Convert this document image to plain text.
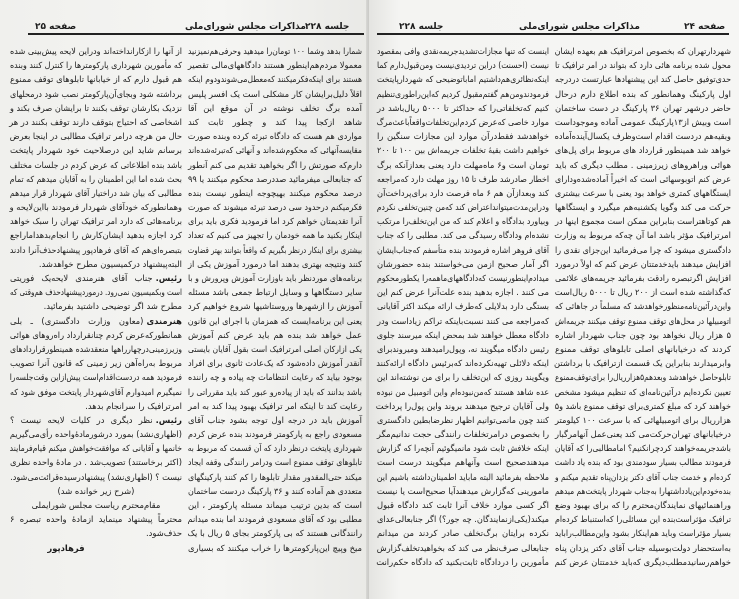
صفحه ۲۵	مذاکرات مجلس شورای‌ملی جلسه ۲۲۸
شمارا بدهد وشما ۱۰۰ تومان‌را میدهید وحرفی‌هم‌نمیزنید
معمولا مردم‌هم‌اینطور هستند دادگاههای‌مالی تقصیر
هستند برای اینکه‌فکرمیکنند که‌معطل‌می‌شوندودوم اینکه
اقلاً دلیل‌برایشان کار مشکلی است یک افسر پلیس
آمده برگ تخلف نوشته در آن موقع این آقا
شاهد ازکجا پیدا کند و چطور ثابت کند
مواردی هم هست که دادگاه تبرئه کرده وبنده صورت
مقایسه‌آنهائی که محکوم‌شده‌اند و آنهائی که‌تبرئه‌شده‌اند
دارم‌که صورتش را اگر بخواهید تقدیم می کنم آنطور
که جنابعالی میفرمائید صددرصد محکوم میکنند یا ۹۹
درصد محکوم میکنند بهیچوجه اینطور نیست بنده
فکرمیکنم درحدود سی درصد تبرئه میشوند که صورت
آنرا تقدیمتان خواهم کرد اما فرمودید فکری باید برای
اینکار بکنید ما همه خودمان را تجهیز می کنیم که تعداد
بیشتری برای اینکار درنظر بگیریم که واقعاً بتوانند بهتر قضاوت
کنند ونتیجه بهتری بدهند اما درمورد آموزش یکی از
برنامه‌های موردنظر باید باوزارت آموزش وپرورش و با
سایر دستگاهها و وسایل ارتباط جمعی باشد مسئله
آموزش را ازشهرها وروستاشیها شروع خواهیم کرد
یعنی این برنامه‌ایست که همزمان با اجرای این قانون
عمل خواهد شد بنده هم باید عرض کنم آموزش
یکی ازارکان اصلی امرترافیک است بقول آقایان بایستی
آنقدر آموزش داده‌شود که یک‌عادت ثانوی برای افراد
بوجود بیاید که رعایت انتظامات چه پیاده و چه راننده
باشد بدانند که باید از پیاده‌رو عبور کند باید مقرراتی را
رعایت کند تا اینکه امر ترافیک بهبود پیدا کند به امر
آموزش باید در درجه اول توجه بشود جناب آقای
مسعودی راجع به پارکومتر فرمودند بنده عرض کردم
شهرداری پایتخت درنظر دارد که آن قسمت که مربوط به
تابلوهای توقف ممنوع است ودرامر رانندگی وقفه ایجاد
میکند حتی‌المقدور مقدار تابلوها را کم کنند پارکینگهای
متعددی هم آماده کنند و ۳۶ پارکینگ دردست ساختمان
است که بدین ترتیب میماند مسئله پارکومتر ، این
مطلبی بود که آقای مسعودی فرمودند اما بنده میدانم
رانندگانی هستند که بی پارکومتر بجای ۵ ریال با یک
میخ وپیچ این‌پارکومترها را خراب میکنند که بسیاری
از آنها را ازکارانداخته‌اند ودراین لایحه پیش‌بینی شده
که مأمورین شهرداری پارکومترها را کنترل کنند وبنده
هم قبول دارم که از خیابانها تابلوهای توقف ممنوع
برداشته شود وبجای‌آن‌پارکومتر نصب شود درمحلهای
نزدیک بکارشان توقف بکنند تا برایشان صرف بکند و
اشخاصی که احتیاج بتوقف دارند توقف بکنند در هر
حال من هرچه درامر ترافیک مطالبی در اینجا بعرض
برسانم شاید این درصلاحیت خود شهردار پایتخت
باشد بنده اطلاعاتی که عرض کردم در جلسات مختلف
بحث شده اما این اطمینان را به آقایان میدهم که تمام
مطالبی که بیان شد دراختیار آقای شهردار قرار میدهم
وهمانطورکه خودآقای شهردار فرمودند بااین‌لایحه و
برنامه‌هائی که دارد امر ترافیک تهران را سبک خواهد
کرد اجازه بدهید ایشان‌کارش را انجام‌بدهد‌اما‌راجع
بتبصره‌ای‌هم که آقای فرهادپور پیشنهاد‌حذف‌آنرا دادند
البته‌پیشنهاد درکمیسیون مطرح خواهدشد.
رئیس.جناب آقای هنرمندی لایحه‌یک فوریتی
است وبکمیسیون نمی‌رود. درموردپیشنهادحذف هم‌وقتی که
مطرح شد اگر توضیحی داشتید بفرمائید.
هنرمندی(معاون وزارت دادگستری) ـ بلی
همانطورکه‌عرض کردم چنانقرارداد راه‌روهای هوائی
وزیرزمینی‌درچهارراهها منعقدشده همینطور‌قراردادهای
مربوط به‌راه‌آهن زیر زمینی که قانون آنرا تصویب
فرمودید همه دردست‌اقدام‌است پیش‌از‌این وقت‌جلسه‌را
نمیگیرم امیدوارم آقای‌شهردار پایتخت موفق شود که
امرترافیک را سرانجام بدهد.
رئیس.نظر دیگری در کلیات لایحه نیست ؟
(اظهاری‌نشد) بمورد درشورمادهٔ‌واحده رأی‌می‌گیریم
خانمها و آقایانی که موافقت‌خواهش میکنم قیام‌فرمایند
(اکثر برخاستند) تصویب‌شد . در مادهٔ واحده نظری
نیست ؟ (اظهاری‌نشد) پیشنهادرسیده‌قرائت‌می‌شود.
(شرح زیر خوانده شد)
مقام‌محترم ریاست مجلس شورایملی
محترماً پیشنهاد مینماید ازمادهٔ واحده تبصره ۶
حذف‌شود.
فرهادپور
جلسه ۲۲۸	مذاکرات مجلس شورای‌ملی	صفحه ۲۴
شهردارتهران که بخصوص امرترافیک هم بعهده ایشان
محول شده برنامه هائی دارد که بتواند در امر ترافیک تا
حدی‌توفیق حاصل کند این پیشنهادها عبارتست دردرجه
اول پارکینگ وهمانطور که بنده اطلاع دارم درحال
حاضر درشهر تهران ۳۶ پارکینگ در دست ساختمان
است وبیش از۱۳پارکینگ عمومی آماده وموجوداست
وبقیه‌هم دردست اقدام است‌وظرف یکسال‌آینده‌آماده
خواهد شد همینطور قرارداد های مربوط برای پل‌های
هوائی وراهروهای زیرزمینی . مطلب دیگری که باید
عرض کنم اتوبوسهائی است که اخیراً آماده‌شده‌ودارای
ایستگاههای کمتری خواهد بود یعنی با سرعت بیشتری
حرکت می کند وگویا یکشنبه‌هم میگیرد و ایستگاهها
هم کوتاهتراست بنابراین ممکن است مجموع اینها در
امرترافیک مؤثر باشد اما آن چه‌که مربوط به وزارت
دادگستری میشود که چرا می‌فرمائید این‌جزای نقدی را
افزایش میدهند بایدخدمتتان عرض کنم که اولاً درمورد
افزایش اگرتبصره رادقت بفرمائید جریمه‌های علائمی
که‌گذاشته شده است از ۲۰۰ ریال تا ۵۰۰۰ ریال‌است
واین‌درآئین‌نامه‌منظورخواهدشد که مسلماً در جاهائی که
اتومبیلها در محل‌های توقف ممنوع توقف میکنند جریمه‌اش
۵ هزار ریال نخواهد بود چون جناب شهردار اشاره
کردند که درخیابانهای اصلی تابلوهای توقف ممنوع
وابرمیدارند بنابراین یک قسمت ازترافیک با برداشتن
تابلوحاصل خواهدشد وبعدهم۵هزارریال‌را برای‌توقف‌ممنوع
تعیین نکرده‌ایم درآئین‌نامه‌ای که تنظیم میشود مشخص
خواهند کرد که مبلغ کمتری‌برای توقف ممنوع باشد و۵
هزارریال برای اتومبیلهائی که با سرعت ۱۰۰ کیلومتر
درخیابانهای تهران‌حرکت‌می کند یعنی‌عمل آنها‌مرگبار
باشدجریمه‌خواهند کرد‌چرا‌نکنیم؟ اما‌مطالبی‌را که آقایان
فرمودند مطالب بسیار سودمندی بود که بنده یاد داشت
کرده‌ام و خدمت جناب آقای دکتر یزدان‌پناه تقدیم میکنم و
بنده‌خودم‌این‌یادداشتهارا به‌جناب شهردار پایتخت‌هم میدهم
وراهنمائیهای نمایندگان‌محترم را که برای بهبود وضع
ترافیک مؤثراست‌بنده این مسائلی‌را که‌استنباط کرده‌ام
بسیار مؤثراست وباید هم‌اینکار بشود واین‌مطالب‌راباید
به‌استحضار دولت‌بوسیله جناب آقای دکتر یزدان پناه
خواهم‌رسانید‌مطلب‌دیگری که‌باید خدمتتان عرض کنم
اینست که تنها مجازات‌تشدیدجریمه‌نقدی وافی بمقصود
نیست (احسنت) دراین تردیدی‌نیست ومن‌قبول‌دارم کما
اینکه‌نظائری‌هم‌داشتیم اما‌باتوضیحی که شهردار‌پایتخت
فرمودندومن‌هم گفتم‌مقبول کردیم که‌این‌راطوری‌تنظیم
کنیم که‌تخلفاتی‌را که حداکثر تا ۵۰۰۰ ریال‌باشد در
موارد خاصی که‌عرض کردم‌این‌تخلفات‌واقعاً‌باعث‌مرگ
خواهدشد فقط‌درآن موارد این مجازات سنگین را
خواهیم داشت بقیهٔ تخلفات جریمه‌اش بین ۱۰۰ تا ۲۰۰
تومان است و۶ ماه‌مهلت دارد یعنی بعدازآنکه برگ
اخطار صادرشد طرف تا ۱۵ روز مهلت دارد که‌مراجعه
کند وبعدازآن هم ۶ ماه فرصت دارد برای‌پرداخت‌آن
ودراین‌مدت‌میتواند‌اعتراض کند که‌من چنین‌تخلفی نکردم
وبیاورد بدادگاه و اعلام کند که من این‌تخلف‌را مرتکب
نشده‌ام ودادگاه رسیدگی می کند. مطلبی را که جناب
آقای فروهر اشاره فرمودند بنده متأسفم که‌جناب‌ایشان
اگر آمار صحیح ازمن می‌خواستند بنده حضورشان
میدادم‌اینطور‌نیست که‌دادگاههای‌ما‌همه‌را یکطور‌محکوم
می کنند . اجازه بدهید بنده علت‌آنرا عرض کنم این
بستگی دارد بدلایلی که‌طرف ارائه میکند اکثر آقایانی
که‌مراجعه می کنند نسبت‌باینکه تراکم زیاداست ودر
دادگاه معطل خواهند شد بمحض اینکه میرسند جلوی
رئیس دادگاه میگویند نه، وپول‌رامیدهند ومیروند‌برای
اینکه دلائلی تهیه‌نکرده‌اند که‌برئیس دادگاه ارائه‌کنند
ویگویند روزی که این‌تخلف را برای من نوشته‌اند این
عده شاهد هستند که‌من‌نبوده‌ام واین اتومبیل من نبوده
ولی آقایان ترجیح میدهند بروند واین پول‌را پرداخت
کنند چون مانمی‌توانیم اظهار نظرضابطین دادگستری
را بخصوص درامرتخلفات رانندگی حجت ندانیم‌مگر
اینکه خلافش ثابت شود ما‌نمیگوئیم آنچه‌را که گزارش
میدهندصحیح است وآنهاهم میگویند درست است
ملاحظه بفرمائید البته ما‌باید اطمینان‌داشته باشیم این
مامورینی که‌گزارش میدهند‌آیا صحیح‌است یا نیست
اگر کسی موارد خلاف آنرا ثابت کند دادگاه قبول
میکند(یکی‌ازنمایندگان. چه جور؟) اگر جنابعالی‌عدای
نکرده برایتان برگ‌تخلف صادر کردند من میدانم
جنابعالی صرف‌نظر می کند که بخواهید‌تخلف‌گزارش
مأمورین را دردادگاه ثابت‌بکنید که دادگاه حکم‌رانت
